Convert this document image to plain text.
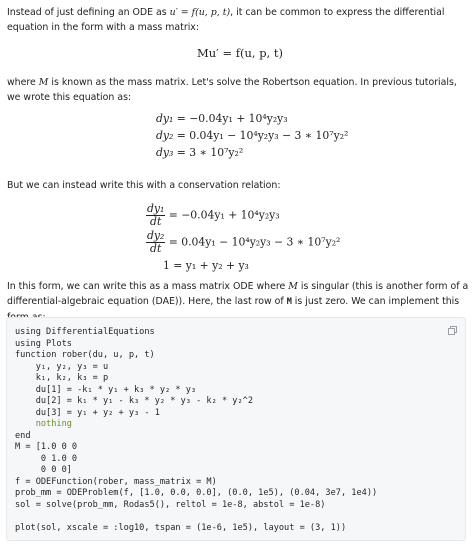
Instead of just defining an ODE as u′ = f(u, p, t), it can be common to express the differential equation in the form with a mass matrix:
Mu′ = f(u, p, t)
where M is known as the mass matrix. Let's solve the Robertson equation. In previous tutorials, we wrote this equation as:
dy₁ = −0.04y₁ + 10⁴y₂y₃
dy₂ = 0.04y₁ − 10⁴y₂y₃ − 3 ∗ 10⁷y₂²
dy₃ = 3 ∗ 10⁷y₂²
But we can instead write this with a conservation relation:
$\frac{\text{dy₁}}{dt} = -0.04y_1 + 10^4y_2y_3$
$\frac{\text{dy₂}}{dt} = 0.04y_1 - 10^4y_2y_3 - 3$ ∗ 10⁷y₂²
1 = y₁ + y₂ + y₃
In this form, we can write this as a mass matrix ODE where M is singular (this is another form of a differential-algebraic equation (DAE)). Here, the last row of M is just zero. We can implement this
using DifferentialEquations
using Plots
function rober(du, u, p, t)
y₁, y₂, y₃ = u
k₁, k₂, k₃ = p
du[1] = -k₁ * y₁ + k₃ * y₂ * y₃
du[2] = k₁ * y₁ - k₃ * y₂ * y₃ - k₂ * y₂^2
du[3] = y₁ + y₂ + y₃ - 1
nothing
end
M = [1.0 0 0
0 1.0 0
0 0 0]
f = ODEFunction(rober, mass_matrix = M)
prob_mm = ODEProblem(f, [1.0, 0.0, 0.0], (0.0, 1e5), (0.04, 3e7, 1e4))
sol = solve(prob_mm, Rodas5(), reltol = 1e-8, abstol = 1e-8)

plot(sol, xscale = :log10, tspan = (1e-6, 1e5), layout = (3, 1))
